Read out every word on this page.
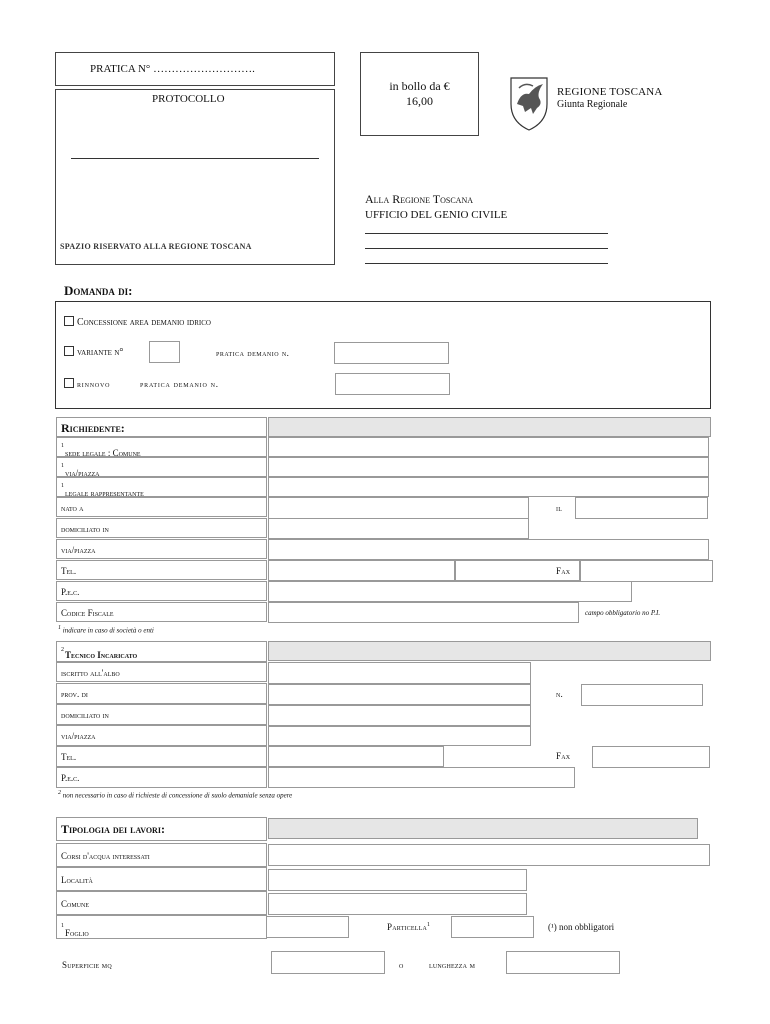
PRATICA N° ……………………….
PROTOCOLLO
SPAZIO RISERVATO ALLA REGIONE TOSCANA
in bollo da €
16,00
REGIONE TOSCANA
Giunta Regionale
Alla Regione Toscana
UFFICIO DEL GENIO CIVILE
Domanda di:
Concessione area demanio idrico
variante n°	pratica demanio n.
rinnovo	pratica demanio n.
Richiedente:
sede legale : Comune
$^1$
via/piazza
$^1$
legale rappresentante
$^1$
nato a	il
domiciliato in
via/piazza
Tel.	Fax
P.e.c.
Codice Fiscale	campo obbligatorio no P.I.
$^1$ indicare in caso di società o enti
Tecnico Incaricato
$^2$
iscritto all'albo
prov. di	n.
domiciliato in
via/piazza
Tel.	Fax
P.e.c.
$^2$ non necessario in caso di richieste di concessione di suolo demaniale senza opere
Tipologia dei lavori:
Corsi d'acqua interessati
Località
Comune
Foglio
$^1$	Particella$^1$	(¹) non obbligatori
Superficie mq	o	lunghezza m
